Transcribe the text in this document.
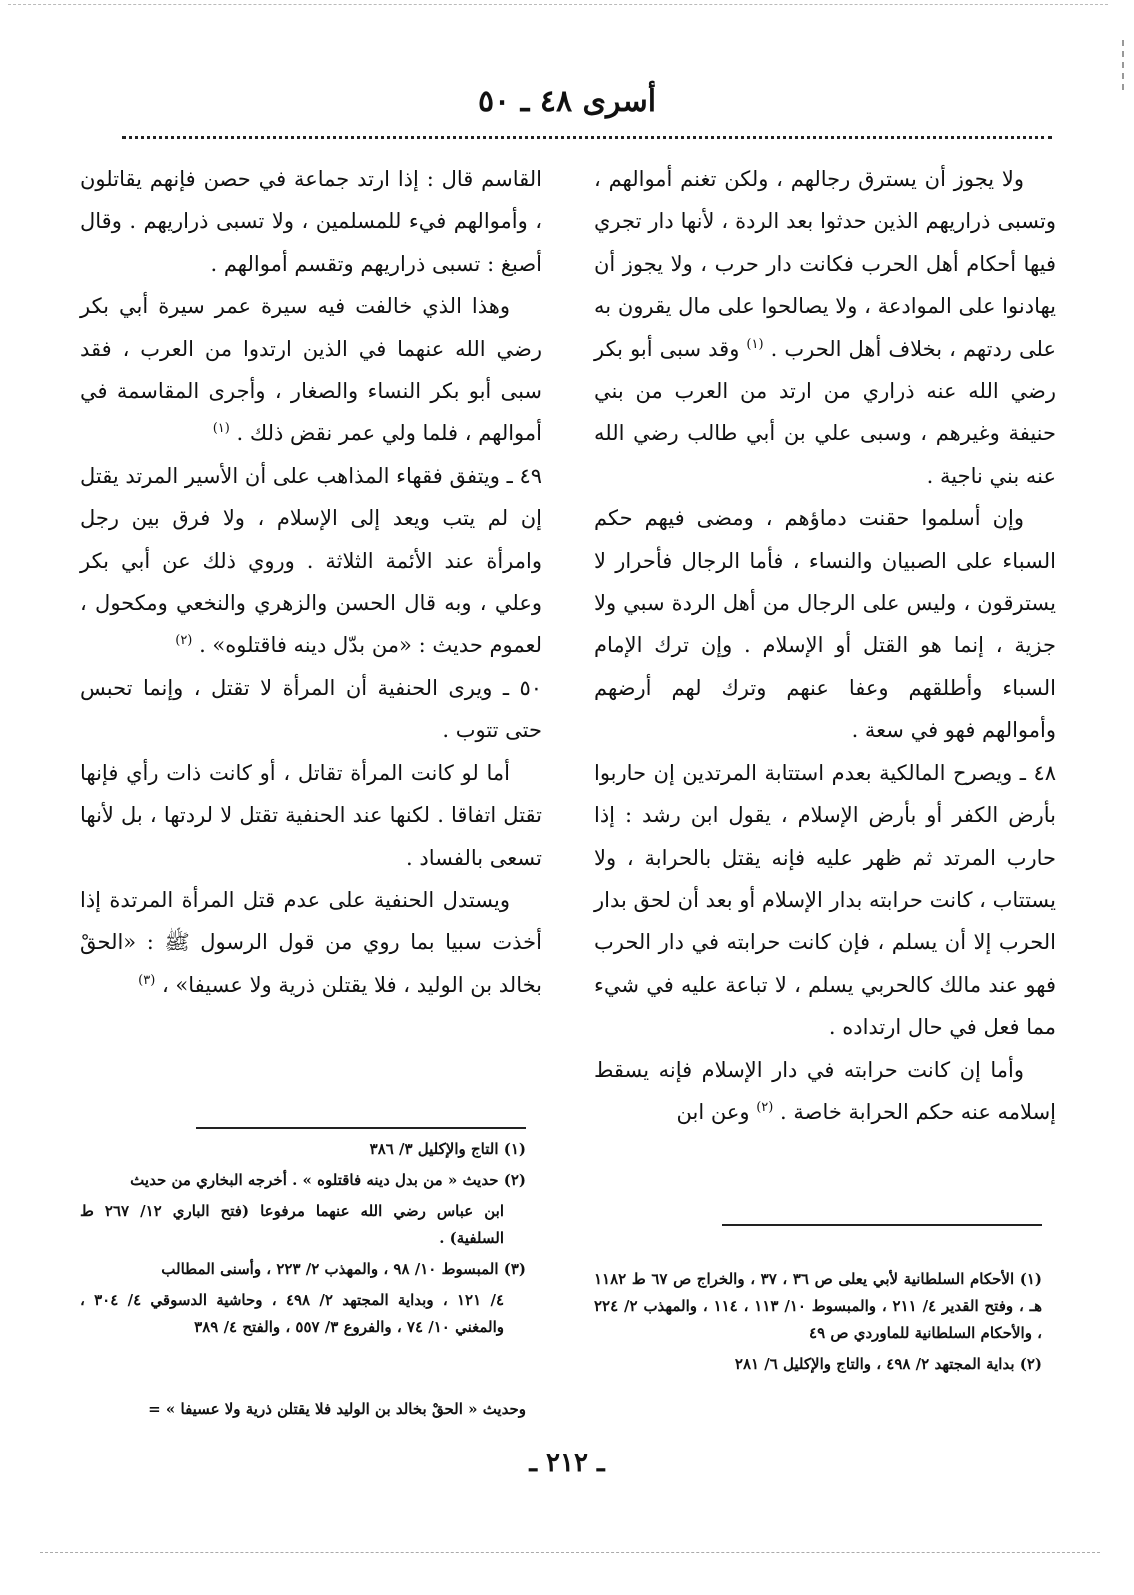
أسرى ٤٨ ـ ٥٠

ولا يجوز أن يسترق رجالهم ، ولكن تغنم أموالهم ، وتسبى ذراريهم الذين حدثوا بعد الردة ، لأنها دار تجري فيها أحكام أهل الحرب فكانت دار حرب ، ولا يجوز أن يهادنوا على الموادعة ، ولا يصالحوا على مال يقرون به على ردتهم ، بخلاف أهل الحرب . $^{(١)}$ وقد سبى أبو بكر رضي الله عنه ذراري من ارتد من العرب من بني حنيفة وغيرهم ، وسبى علي بن أبي طالب رضي الله عنه بني ناجية .

وإن أسلموا حقنت دماؤهم ، ومضى فيهم حكم السباء على الصبيان والنساء ، فأما الرجال فأحرار لا يسترقون ، وليس على الرجال من أهل الردة سبي ولا جزية ، إنما هو القتل أو الإسلام . وإن ترك الإمام السباء وأطلقهم وعفا عنهم وترك لهم أرضهم وأموالهم فهو في سعة .

٤٨ ـ ويصرح المالكية بعدم استتابة المرتدين إن حاربوا بأرض الكفر أو بأرض الإسلام ، يقول ابن رشد : إذا حارب المرتد ثم ظهر عليه فإنه يقتل بالحرابة ، ولا يستتاب ، كانت حرابته بدار الإسلام أو بعد أن لحق بدار الحرب إلا أن يسلم ، فإن كانت حرابته في دار الحرب فهو عند مالك كالحربي يسلم ، لا تباعة عليه في شيء مما فعل في حال ارتداده .

وأما إن كانت حرابته في دار الإسلام فإنه يسقط إسلامه عنه حكم الحرابة خاصة . $^{(٢)}$ وعن ابن

القاسم قال : إذا ارتد جماعة في حصن فإنهم يقاتلون ، وأموالهم فيء للمسلمين ، ولا تسبى ذراريهم . وقال أصبغ : تسبى ذراريهم وتقسم أموالهم .

وهذا الذي خالفت فيه سيرة عمر سيرة أبي بكر رضي الله عنهما في الذين ارتدوا من العرب ، فقد سبى أبو بكر النساء والصغار ، وأجرى المقاسمة في أموالهم ، فلما ولي عمر نقض ذلك . $^{(١)}$

٤٩ ـ ويتفق فقهاء المذاهب على أن الأسير المرتد يقتل إن لم يتب ويعد إلى الإسلام ، ولا فرق بين رجل وامرأة عند الأئمة الثلاثة . وروي ذلك عن أبي بكر وعلي ، وبه قال الحسن والزهري والنخعي ومكحول ، لعموم حديث : «من بدّل دينه فاقتلوه» . $^{(٢)}$

٥٠ ـ ويرى الحنفية أن المرأة لا تقتل ، وإنما تحبس حتى تتوب .

أما لو كانت المرأة تقاتل ، أو كانت ذات رأي فإنها تقتل اتفاقا . لكنها عند الحنفية تقتل لا لردتها ، بل لأنها تسعى بالفساد .

ويستدل الحنفية على عدم قتل المرأة المرتدة إذا أخذت سبيا بما روي من قول الرسول ﷺ : «الحقْ بخالد بن الوليد ، فلا يقتلن ذرية ولا عسيفا» ، $^{(٣)}$

(١) التاج والإكليل ٣/ ٣٨٦

(٢) حديث « من بدل دينه فاقتلوه » . أخرجه البخاري من حديث

ابن عباس رضي الله عنهما مرفوعا (فتح الباري ١٢/ ٢٦٧ ط السلفية) .

(٣) المبسوط ١٠/ ٩٨ ، والمهذب ٢/ ٢٢٣ ، وأسنى المطالب

٤/ ١٢١ ، وبداية المجتهد ٢/ ٤٩٨ ، وحاشية الدسوقي ٤/ ٣٠٤ ، والمغني ١٠/ ٧٤ ، والفروع ٣/ ٥٥٧ ، والفتح ٤/ ٣٨٩

وحديث « الحقْ بخالد بن الوليد فلا يقتلن ذرية ولا عسيفا » =

(١) الأحكام السلطانية لأبي يعلى ص ٣٦ ، ٣٧ ، والخراج ص ٦٧ ط ١١٨٢ هـ ، وفتح القدير ٤/ ٢١١ ، والمبسوط ١٠/ ١١٣ ، ١١٤ ، والمهذب ٢/ ٢٢٤ ، والأحكام السلطانية للماوردي ص ٤٩

(٢) بداية المجتهد ٢/ ٤٩٨ ، والتاج والإكليل ٦/ ٢٨١

ـ ٢١٢ ـ
